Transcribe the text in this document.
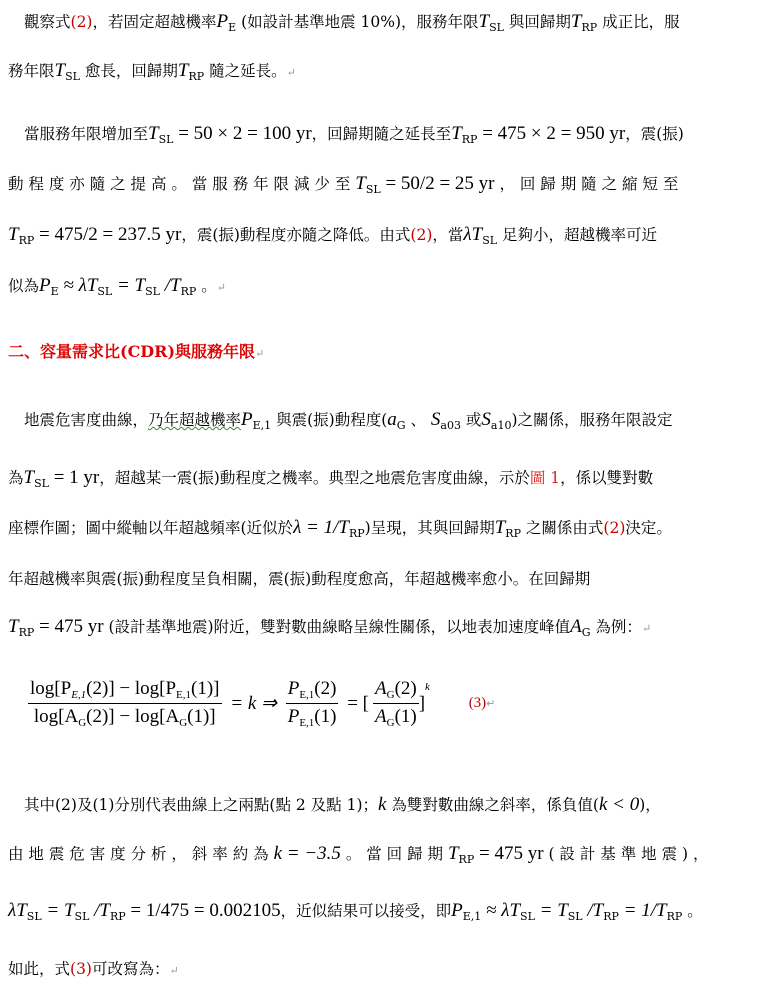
觀察式(2)，若固定超越機率$P_E$ (如設計基準地震 10%)，服務年限$T_{SL}$ 與回歸期$T_{RP}$ 成正比，服
務年限$T_{SL}$ 愈長，回歸期$T_{RP}$ 隨之延長。↵
當服務年限增加至$T_{SL} = 50 \times 2 = 100$ yr，回歸期隨之延長至$T_{RP} = 475 \times 2 = 950$ yr，震(振)
動 程 度 亦 隨 之 提 高 。 當 服 務 年 限 減 少 至 $T_{SL} = 50/2 = 25$ yr ， 回 歸 期 隨 之 縮 短 至
$T_{RP} = 475/2 = 237.5$ yr，震(振)動程度亦隨之降低。由式(2)，當$\lambda T_{SL}$ 足夠小，超越機率可近
似為$P_E \approx \lambda T_{SL} = T_{SL}$ $/T_{RP}$ 。↵
二、容量需求比(CDR)與服務年限↵
地震危害度曲線，乃年超越機率$P_{E,1}$ 與震(振)動程度($a_G$ 、 $S_{a03}$ 或$S_{a10}$)之關係，服務年限設定
為$T_{SL} = 1$ yr，超越某一震(振)動程度之機率。典型之地震危害度曲線，示於圖 1，係以雙對數
座標作圖；圖中縱軸以年超越頻率(近似於$\lambda = 1/T_{RP}$)呈現，其與回歸期$T_{RP}$ 之關係由式(2)決定。
年超越機率與震(振)動程度呈負相關，震(振)動程度愈高，年超越機率愈小。在回歸期
$T_{RP} = 475$ yr (設計基準地震)附近，雙對數曲線略呈線性關係，以地表加速度峰值$A_G$ 為例：↵
$\frac{\log[P_{E,1}(2)] - \log[P_{E,1}(1)]}{\log[A_G(2)] - \log[A_G(1)]} = k$ ⇒ $\frac{P_{E,1}(2)}{P_{E,1}(1)}$ = [ $\frac{A_G(2)}{A_G(1)} ]^k$ (3)↵
其中(2)及(1)分別代表曲線上之兩點(點 2 及點 1)；k 為雙對數曲線之斜率，係負值(k < 0)，
由 地 震 危 害 度 分 析 ， 斜 率 約 為 k = −3.5 。 當 回 歸 期 $T_{RP} = 475$ yr ( 設 計 基 準 地 震 ) ，
$\lambda T_{SL} = T_{SL}$ $/T_{RP} = 1/475 = 0.002105$，近似結果可以接受，即$P_{E,1} \approx \lambda T_{SL} = T_{SL}$ $/T_{RP} = 1/T_{RP}$ 。
如此，式(3)可改寫為：↵
